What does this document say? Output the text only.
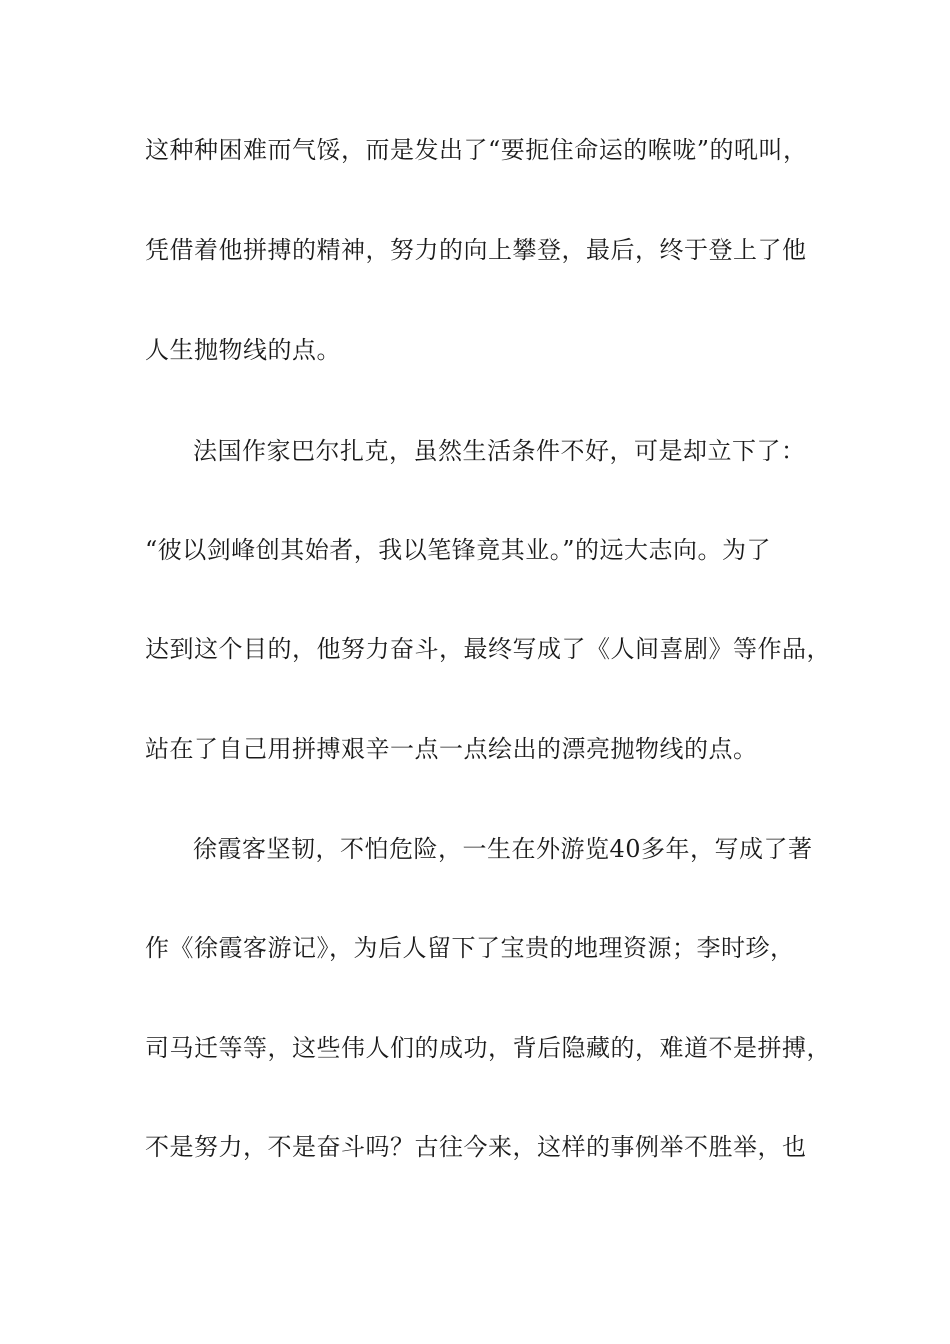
这种种困难而气馁，而是发出了“要扼住命运的喉咙”的吼叫，
凭借着他拼搏的精神，努力的向上攀登，最后，终于登上了他
人生抛物线的点。
法国作家巴尔扎克，虽然生活条件不好，可是却立下了：
“彼以剑峰创其始者，我以笔锋竟其业。”的远大志向。为了
达到这个目的，他努力奋斗，最终写成了《人间喜剧》等作品，
站在了自己用拼搏艰辛一点一点绘出的漂亮抛物线的点。
徐霞客坚韧，不怕危险，一生在外游览40多年，写成了著
作《徐霞客游记》，为后人留下了宝贵的地理资源；李时珍，
司马迁等等，这些伟人们的成功，背后隐藏的，难道不是拼搏，
不是努力，不是奋斗吗？古往今来，这样的事例举不胜举，也
